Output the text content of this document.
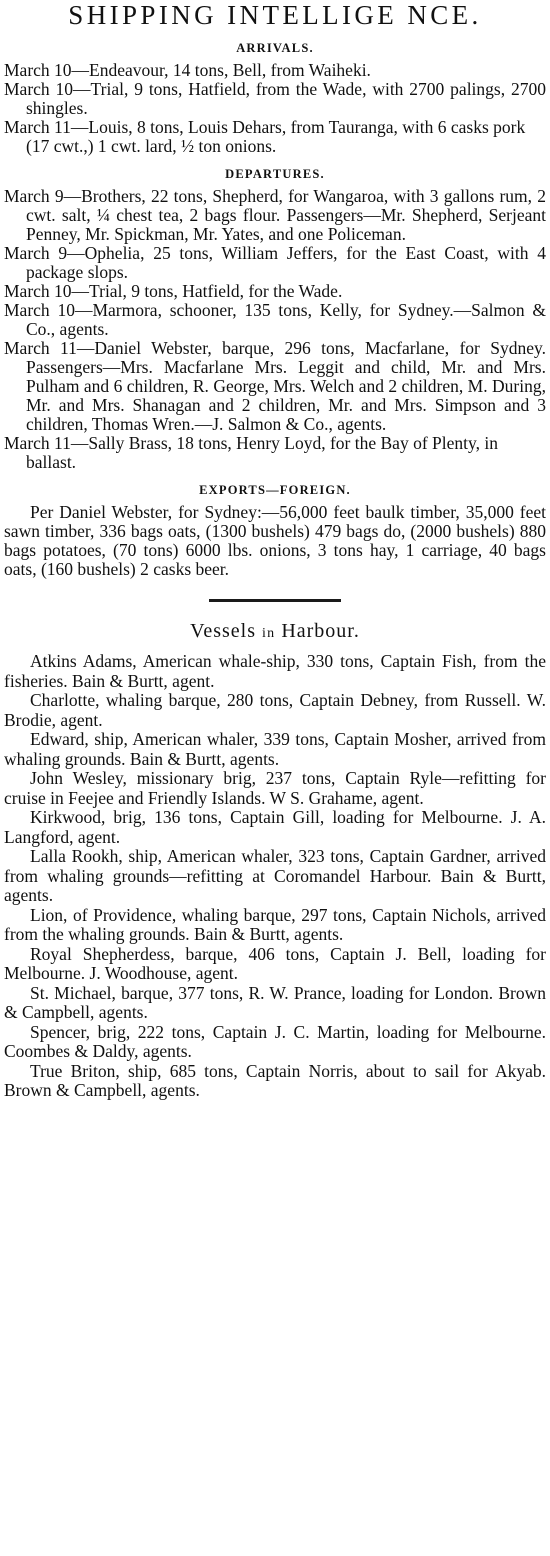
SHIPPING INTELLIGE NCE.
ARRIVALS.

March 10—Endeavour, 14 tons, Bell, from Waiheki.

March 10—Trial, 9 tons, Hatfield, from the Wade, with 2700 palings, 2700 shingles.

March 11—Louis, 8 tons, Louis Dehars, from Tauranga, with 6 casks pork (17 cwt.,) 1 cwt. lard, ½ ton onions.

DEPARTURES.

March 9—Brothers, 22 tons, Shepherd, for Wangaroa, with 3 gallons rum, 2 cwt. salt, ¼ chest tea, 2 bags flour. Passengers—Mr. Shepherd, Serjeant Penney, Mr. Spickman, Mr. Yates, and one Policeman.

March 9—Ophelia, 25 tons, William Jeffers, for the East Coast, with 4 package slops.

March 10—Trial, 9 tons, Hatfield, for the Wade.

March 10—Marmora, schooner, 135 tons, Kelly, for Sydney.—Salmon & Co., agents.

March 11—Daniel Webster, barque, 296 tons, Macfarlane, for Sydney. Passengers—Mrs. Macfarlane Mrs. Leggit and child, Mr. and Mrs. Pulham and 6 children, R. George, Mrs. Welch and 2 children, M. During, Mr. and Mrs. Shanagan and 2 children, Mr. and Mrs. Simpson and 3 children, Thomas Wren.—J. Salmon & Co., agents.

March 11—Sally Brass, 18 tons, Henry Loyd, for the Bay of Plenty, in ballast.

EXPORTS—FOREIGN.

Per Daniel Webster, for Sydney:—56,000 feet baulk timber, 35,000 feet sawn timber, 336 bags oats, (1300 bushels) 479 bags do, (2000 bushels) 880 bags potatoes, (70 tons) 6000 lbs. onions, 3 tons hay, 1 carriage, 40 bags oats, (160 bushels) 2 casks beer.

Vessels in Harbour.

Atkins Adams, American whale-ship, 330 tons, Captain Fish, from the fisheries. Bain & Burtt, agent.

Charlotte, whaling barque, 280 tons, Captain Debney, from Russell. W. Brodie, agent.

Edward, ship, American whaler, 339 tons, Captain Mosher, arrived from whaling grounds. Bain & Burtt, agents.

John Wesley, missionary brig, 237 tons, Captain Ryle—refitting for cruise in Feejee and Friendly Islands. W S. Grahame, agent.

Kirkwood, brig, 136 tons, Captain Gill, loading for Melbourne. J. A. Langford, agent.

Lalla Rookh, ship, American whaler, 323 tons, Captain Gardner, arrived from whaling grounds—refitting at Coromandel Harbour. Bain & Burtt, agents.

Lion, of Providence, whaling barque, 297 tons, Captain Nichols, arrived from the whaling grounds. Bain & Burtt, agents.

Royal Shepherdess, barque, 406 tons, Captain J. Bell, loading for Melbourne. J. Woodhouse, agent.

St. Michael, barque, 377 tons, R. W. Prance, loading for London. Brown & Campbell, agents.

Spencer, brig, 222 tons, Captain J. C. Martin, loading for Melbourne. Coombes & Daldy, agents.

True Briton, ship, 685 tons, Captain Norris, about to sail for Akyab. Brown & Campbell, agents.
